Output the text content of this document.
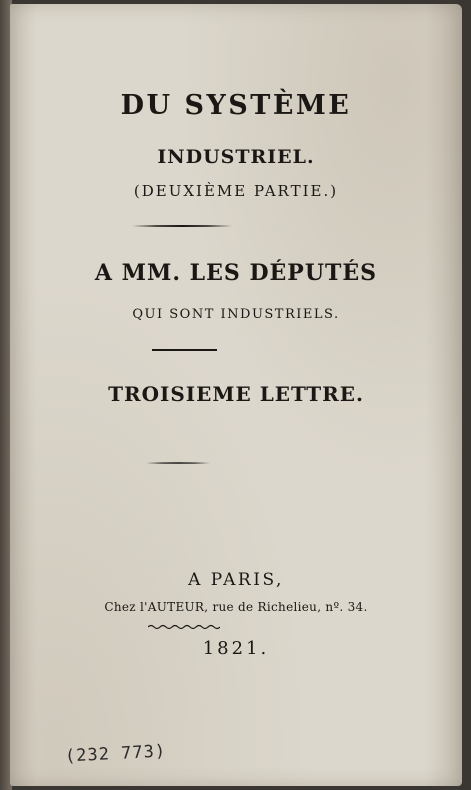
DU SYSTÈME
INDUSTRIEL.
(DEUXIÈME PARTIE.)
A MM. LES DÉPUTÉS
QUI SONT INDUSTRIELS.
TROISIEME LETTRE.
A PARIS,
Chez l'AUTEUR, rue de Richelieu, nº. 34.
1821.
(232 773)
